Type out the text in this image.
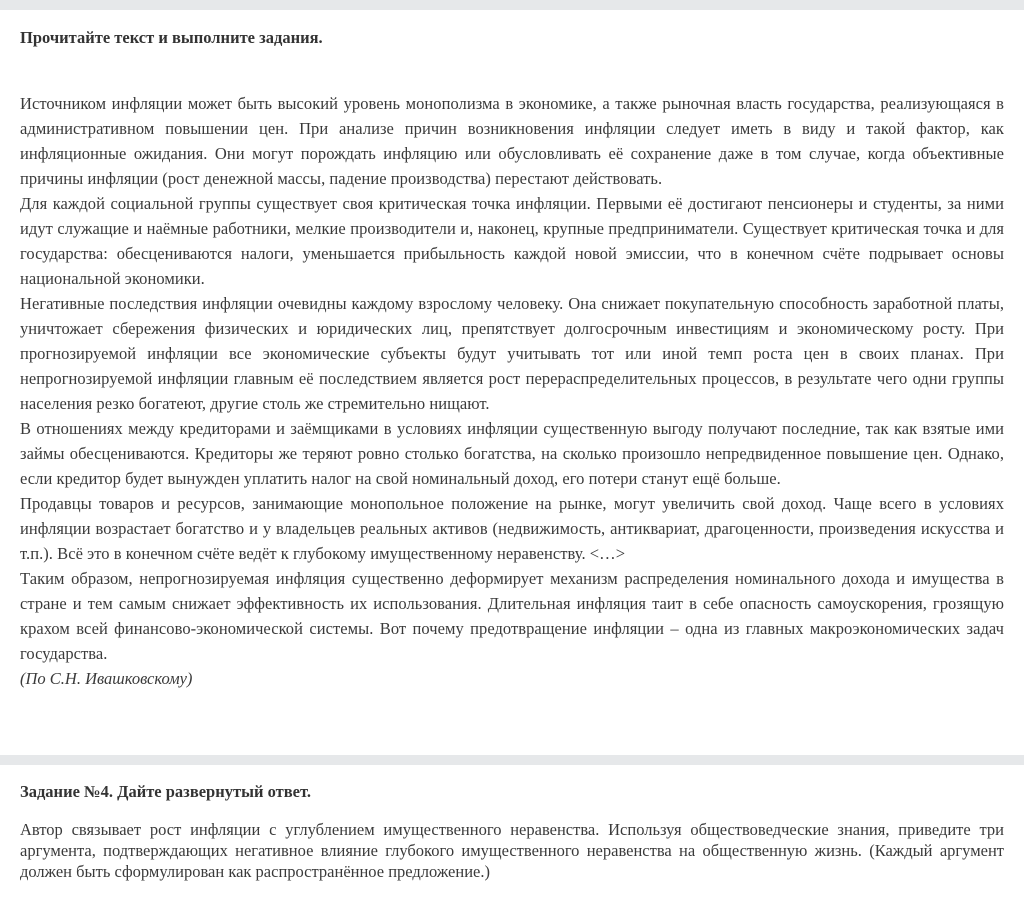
Прочитайте текст и выполните задания.

Источником инфляции может быть высокий уровень монополизма в экономике, а также рыночная власть государства, реализующаяся в административном повышении цен. При анализе причин возникновения инфляции следует иметь в виду и такой фактор, как инфляционные ожидания. Они могут порождать инфляцию или обусловливать её сохранение даже в том случае, когда объективные причины инфляции (рост денежной массы, падение производства) перестают действовать.

Для каждой социальной группы существует своя критическая точка инфляции. Первыми её достигают пенсионеры и студенты, за ними идут служащие и наёмные работники, мелкие производители и, наконец, крупные предприниматели. Существует критическая точка и для государства: обесцениваются налоги, уменьшается прибыльность каждой новой эмиссии, что в конечном счёте подрывает основы национальной экономики.

Негативные последствия инфляции очевидны каждому взрослому человеку. Она снижает покупательную способность заработной платы, уничтожает сбережения физических и юридических лиц, препятствует долгосрочным инвестициям и экономическому росту. При прогнозируемой инфляции все экономические субъекты будут учитывать тот или иной темп роста цен в своих планах. При непрогнозируемой инфляции главным её последствием является рост перераспределительных процессов, в результате чего одни группы населения резко богатеют, другие столь же стремительно нищают.

В отношениях между кредиторами и заёмщиками в условиях инфляции существенную выгоду получают последние, так как взятые ими займы обесцениваются. Кредиторы же теряют ровно столько богатства, на сколько произошло непредвиденное повышение цен. Однако, если кредитор будет вынужден уплатить налог на свой номинальный доход, его потери станут ещё больше.

Продавцы товаров и ресурсов, занимающие монопольное положение на рынке, могут увеличить свой доход. Чаще всего в условиях инфляции возрастает богатство и у владельцев реальных активов (недвижимость, антиквариат, драгоценности, произведения искусства и т.п.). Всё это в конечном счёте ведёт к глубокому имущественному неравенству. <…>

Таким образом, непрогнозируемая инфляция существенно деформирует механизм распределения номинального дохода и имущества в стране и тем самым снижает эффективность их использования. Длительная инфляция таит в себе опасность самоускорения, грозящую крахом всей финансово-экономической системы. Вот почему предотвращение инфляции – одна из главных макроэкономических задач государства.

(По С.Н. Ивашковскому)

Задание №4. Дайте развернутый ответ.

Автор связывает рост инфляции с углублением имущественного неравенства. Используя обществоведческие знания, приведите три аргумента, подтверждающих негативное влияние глубокого имущественного неравенства на общественную жизнь. (Каждый аргумент должен быть сформулирован как распространённое предложение.)
